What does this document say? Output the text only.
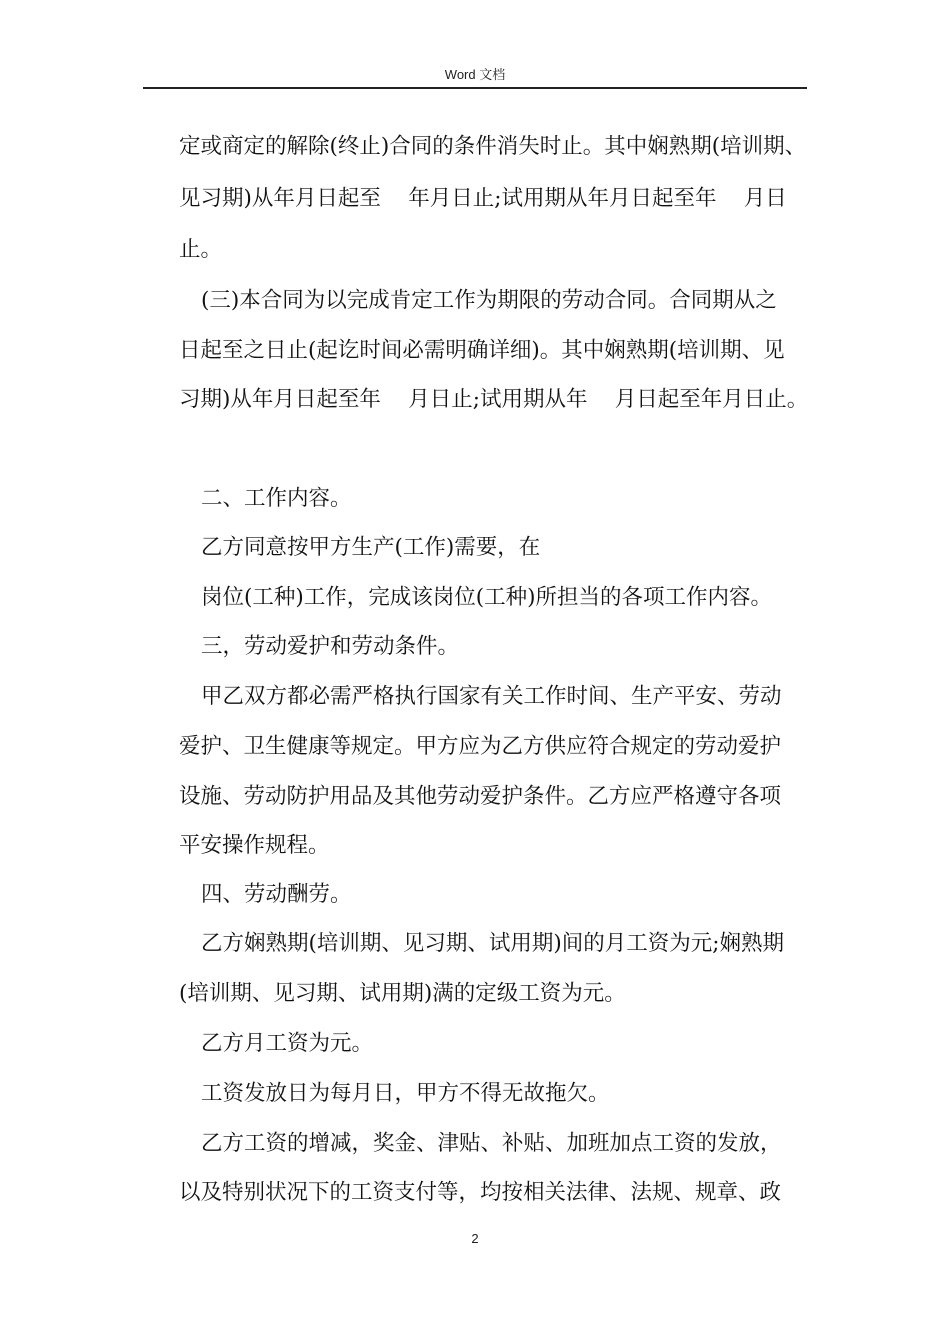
Word 文档
定或商定的解除(终止)合同的条件消失时止。其中娴熟期(培训期、
见习期)从年月日起至    年月日止;试用期从年月日起至年    月日
止。
(三)本合同为以完成肯定工作为期限的劳动合同。合同期从之
日起至之日止(起讫时间必需明确详细)。其中娴熟期(培训期、见
习期)从年月日起至年    月日止;试用期从年    月日起至年月日止。
二、工作内容。
乙方同意按甲方生产(工作)需要，在
岗位(工种)工作，完成该岗位(工种)所担当的各项工作内容。
三，劳动爱护和劳动条件。
甲乙双方都必需严格执行国家有关工作时间、生产平安、劳动
爱护、卫生健康等规定。甲方应为乙方供应符合规定的劳动爱护
设施、劳动防护用品及其他劳动爱护条件。乙方应严格遵守各项
平安操作规程。
四、劳动酬劳。
乙方娴熟期(培训期、见习期、试用期)间的月工资为元;娴熟期
(培训期、见习期、试用期)满的定级工资为元。
乙方月工资为元。
工资发放日为每月日，甲方不得无故拖欠。
乙方工资的增减，奖金、津贴、补贴、加班加点工资的发放，
以及特别状况下的工资支付等，均按相关法律、法规、规章、政
2
